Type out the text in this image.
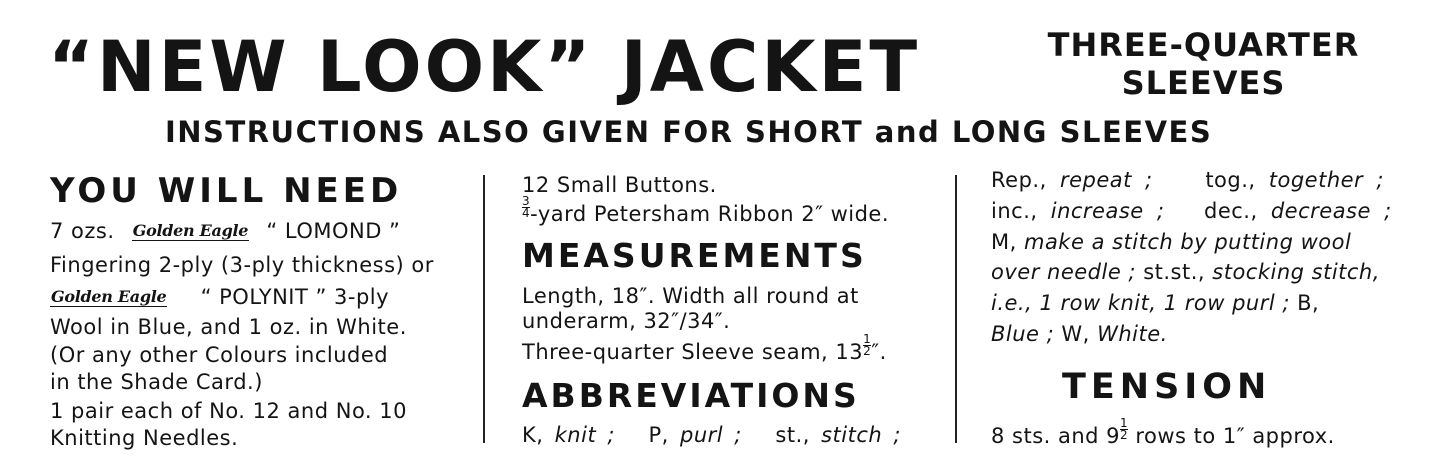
“NEW LOOK” JACKET	THREE-QUARTER
SLEEVES
INSTRUCTIONS ALSO GIVEN FOR SHORT and LONG SLEEVES
YOU WILL NEED
7 ozs. Golden Eagle “ LOMOND ”
Fingering 2-ply (3-ply thickness) or
Golden Eagle “ POLYNIT ” 3-ply
Wool in Blue, and 1 oz. in White.
(Or any other Colours included
in the Shade Card.)
1 pair each of No. 12 and No. 10
Knitting Needles.
12 Small Buttons.
$\frac{3}{4}$ -yard Petersham Ribbon 2″ wide.
MEASUREMENTS
Length, 18″. Width all round at
underarm, 32″/34″.
Three-quarter Sleeve seam, $13 \frac{1}{2}$ ″.
ABBREVIATIONS
K, knit ; P, purl ; st., stitch ;
Rep., repeat ;	tog., together ;
inc., increase ; dec., decrease ;
M, make a stitch by putting wool
over needle ; st.st., stocking stitch,
i.e., 1 row knit, 1 row purl ; B,
Blue ; W, White.
TENSION
8 sts. and $9 \frac{1}{2}$ rows to 1″ approx.
